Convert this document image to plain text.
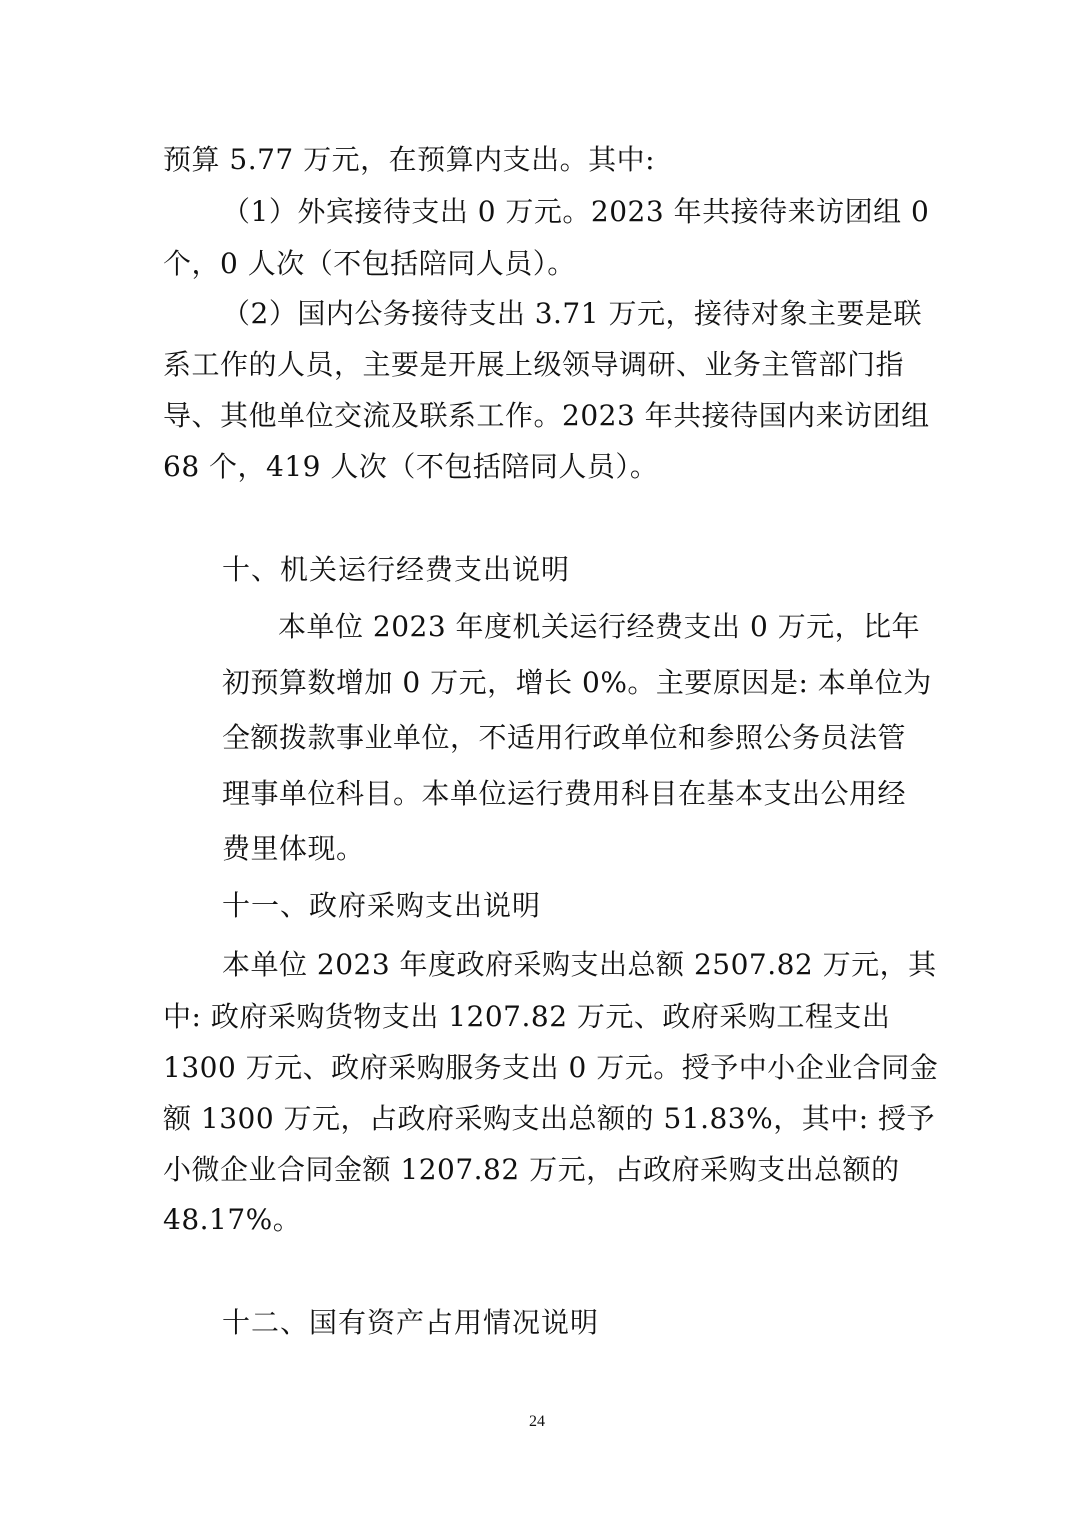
预算 5.77 万元，在预算内支出。其中:
（1）外宾接待支出 0 万元。2023 年共接待来访团组 0
个，0 人次（不包括陪同人员）。
（2）国内公务接待支出 3.71 万元，接待对象主要是联
系工作的人员，主要是开展上级领导调研、业务主管部门指
导、其他单位交流及联系工作。2023 年共接待国内来访团组
68 个，419 人次（不包括陪同人员）。
十、机关运行经费支出说明
本单位 2023 年度机关运行经费支出 0 万元，比年
初预算数增加 0 万元，增长 0%。主要原因是: 本单位为
全额拨款事业单位，不适用行政单位和参照公务员法管
理事单位科目。本单位运行费用科目在基本支出公用经
费里体现。
十一、政府采购支出说明
本单位 2023 年度政府采购支出总额 2507.82 万元，其
中: 政府采购货物支出 1207.82 万元、政府采购工程支出
1300 万元、政府采购服务支出 0 万元。授予中小企业合同金
额 1300 万元，占政府采购支出总额的 51.83%，其中: 授予
小微企业合同金额 1207.82 万元，占政府采购支出总额的
48.17%。
十二、国有资产占用情况说明
24
